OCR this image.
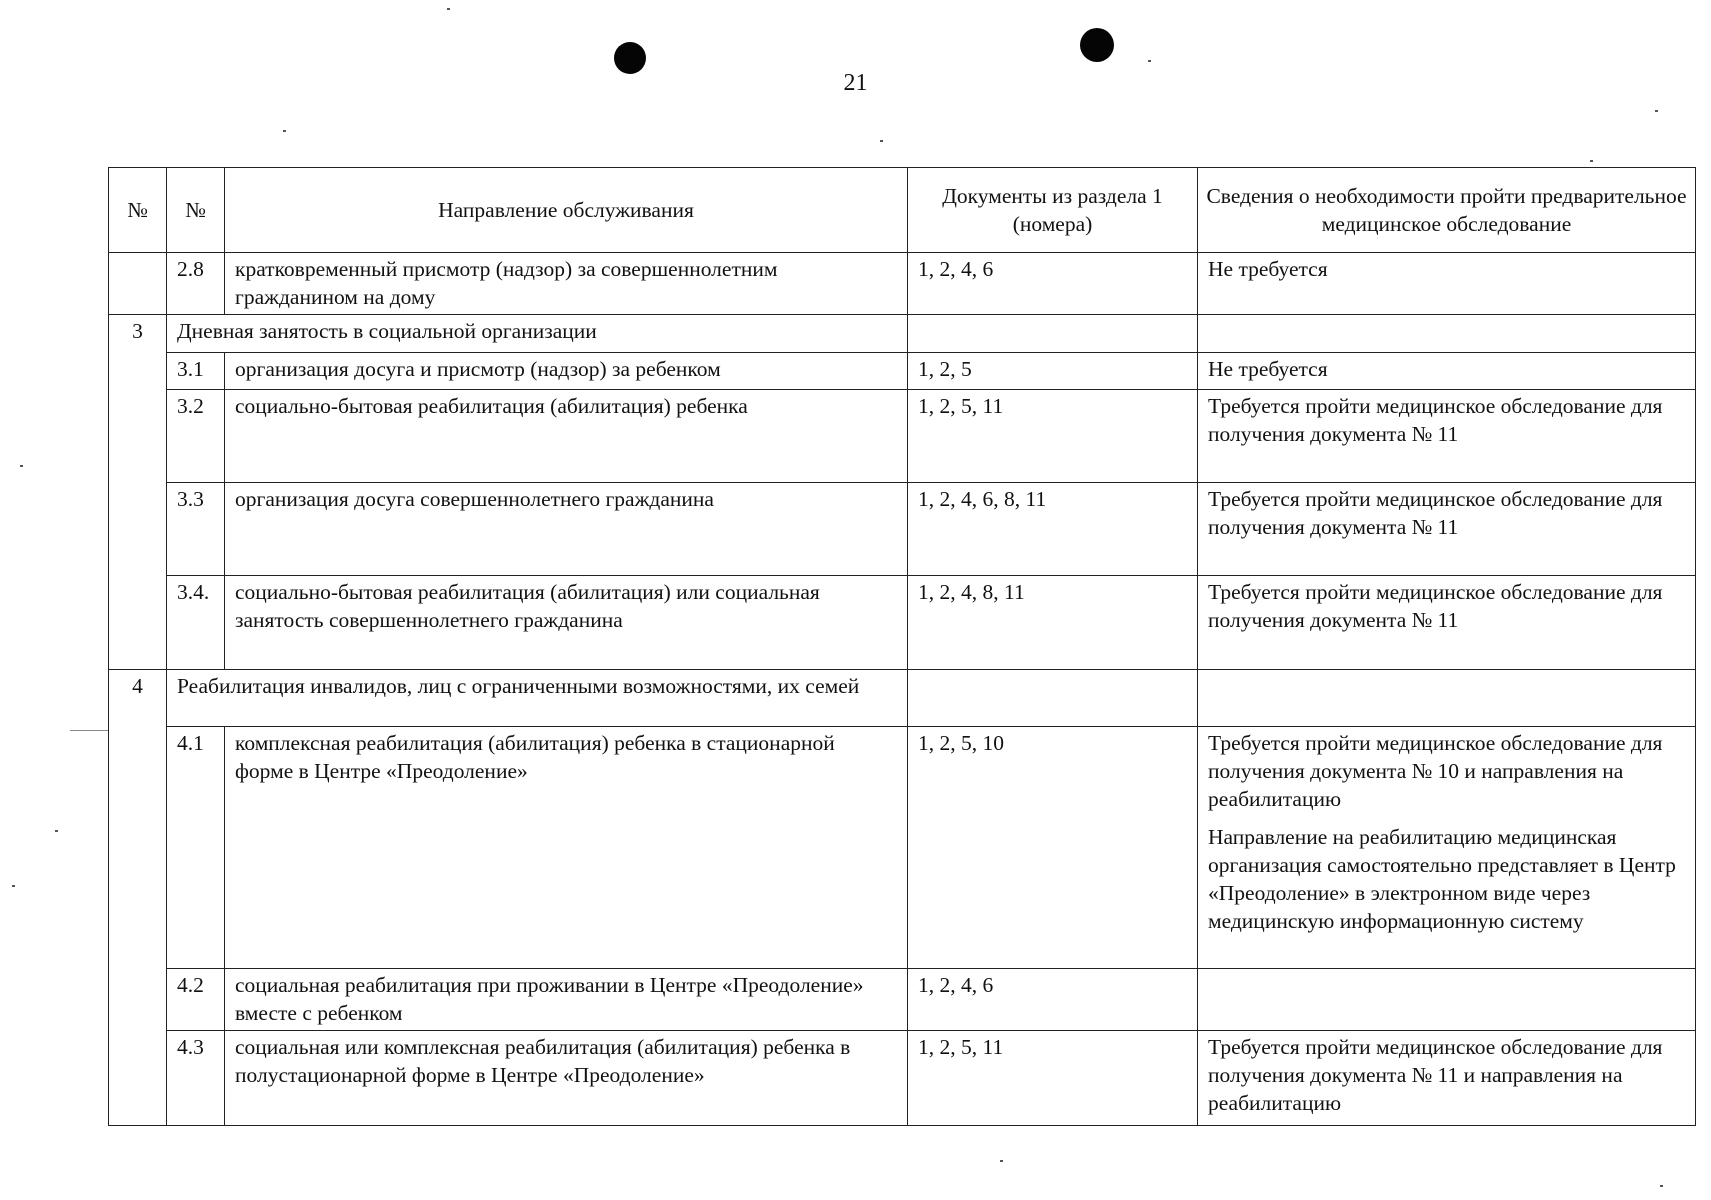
21
№	№	Направление обслуживания	Документы из раздела 1 (номера)	Сведения о необходимости пройти предварительное медицинское обследование
	2.8	кратковременный присмотр (надзор) за совершеннолетним гражданином на дому	1, 2, 4, 6	Не требуется
3	Дневная занятость в социальной организации			
	3.1	организация досуга и присмотр (надзор) за ребенком	1, 2, 5	Не требуется
	3.2	социально-бытовая реабилитация (абилитация) ребенка	1, 2, 5, 11	Требуется пройти медицинское обследование для получения документа № 11
	3.3	организация досуга совершеннолетнего гражданина	1, 2, 4, 6, 8, 11	Требуется пройти медицинское обследование для получения документа № 11
	3.4.	социально-бытовая реабилитация (абилитация) или социальная занятость совершеннолетнего гражданина	1, 2, 4, 8, 11	Требуется пройти медицинское обследование для получения документа № 11
4	Реабилитация инвалидов, лиц с ограниченными возможностями, их семей			
	4.1	комплексная реабилитация (абилитация) ребенка в стационарной форме в Центре «Преодоление»	1, 2, 5, 10	Требуется пройти медицинское обследование для получения документа № 10 и направления на реабилитацию

Направление на реабилитацию медицинская организация самостоятельно представляет в Центр «Преодоление» в электронном виде через медицинскую информационную систему

	4.2	социальная реабилитация при проживании в Центре «Преодоление» вместе с ребенком	1, 2, 4, 6	
	4.3	социальная или комплексная реабилитация (абилитация) ребенка в полустационарной форме в Центре «Преодоление»	1, 2, 5, 11	Требуется пройти медицинское обследование для получения документа № 11 и направления на реабилитацию
